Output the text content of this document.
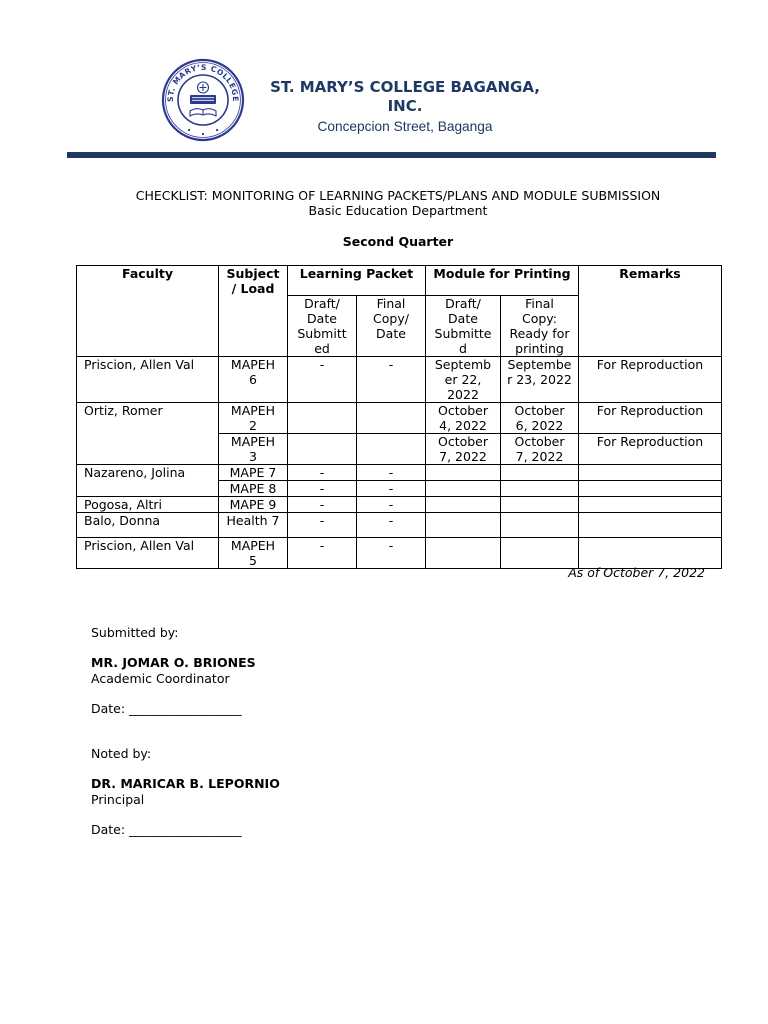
ST. MARY’S COLLEGE
ST. MARY’S COLLEGE BAGANGA,
INC.
Concepcion Street, Baganga
CHECKLIST: MONITORING OF LEARNING PACKETS/PLANS AND MODULE SUBMISSION
Basic Education Department
Second Quarter
Faculty	Subject / Load	Learning Packet		Module for Printing		Remarks
		Draft/ Date Submitted	Final Copy/ Date	Draft/ Date Submitted	Final Copy: Ready for printing	
Priscion, Allen Val	MAPEH 6	-	-	September 22, 2022	September 23, 2022	For Reproduction
Ortiz, Romer	MAPEH 2			October 4, 2022	October 6, 2022	For Reproduction
	MAPEH 3			October 7, 2022	October 7, 2022	For Reproduction
Nazareno, Jolina	MAPE 7	-	-			
	MAPE 8	-	-			
Pogosa, Altri	MAPE 9	-	-			
Balo, Donna	Health 7	-	-			
Priscion, Allen Val	MAPEH 5	-	-			
As of October 7, 2022
Submitted by:
MR. JOMAR O. BRIONES
Academic Coordinator
Date: __________________
Noted by:
DR. MARICAR B. LEPORNIO
Principal
Date: __________________
